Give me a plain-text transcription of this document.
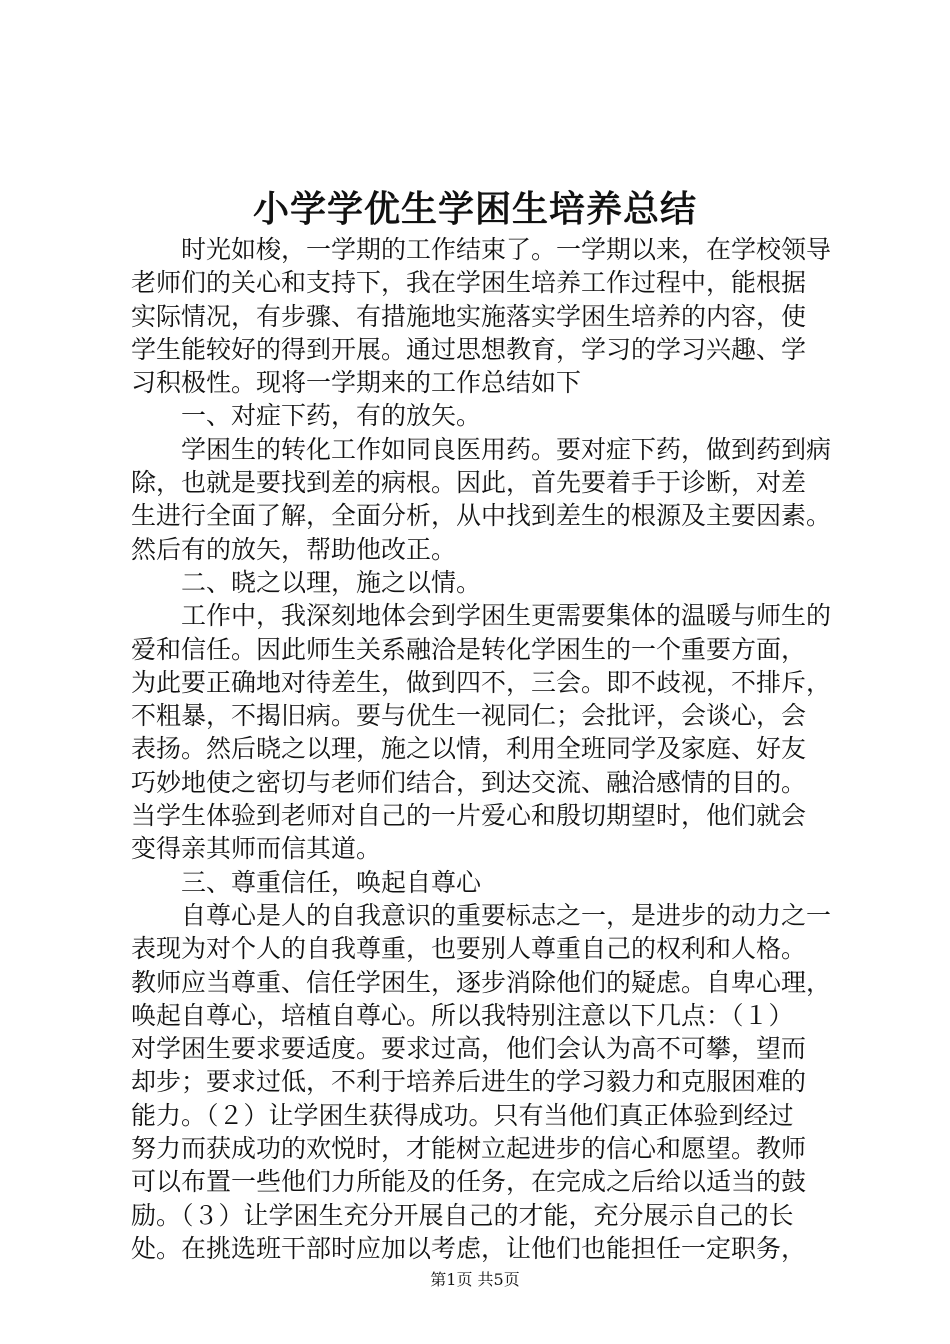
小学学优生学困生培养总结
时光如梭，一学期的工作结束了。一学期以来，在学校领导
老师们的关心和支持下，我在学困生培养工作过程中，能根据
实际情况，有步骤、有措施地实施落实学困生培养的内容，使
学生能较好的得到开展。通过思想教育，学习的学习兴趣、学
习积极性。现将一学期来的工作总结如下
一、对症下药，有的放矢。
学困生的转化工作如同良医用药。要对症下药，做到药到病
除，也就是要找到差的病根。因此，首先要着手于诊断，对差
生进行全面了解，全面分析，从中找到差生的根源及主要因素。
然后有的放矢，帮助他改正。
二、晓之以理，施之以情。
工作中，我深刻地体会到学困生更需要集体的温暖与师生的
爱和信任。因此师生关系融洽是转化学困生的一个重要方面，
为此要正确地对待差生，做到四不，三会。即不歧视，不排斥，
不粗暴，不揭旧病。要与优生一视同仁；会批评，会谈心，会
表扬。然后晓之以理，施之以情，利用全班同学及家庭、好友
巧妙地使之密切与老师们结合，到达交流、融洽感情的目的。
当学生体验到老师对自己的一片爱心和殷切期望时，他们就会
变得亲其师而信其道。
三、尊重信任，唤起自尊心
自尊心是人的自我意识的重要标志之一，是进步的动力之一
表现为对个人的自我尊重，也要别人尊重自己的权利和人格。
教师应当尊重、信任学困生，逐步消除他们的疑虑。自卑心理，
唤起自尊心，培植自尊心。所以我特别注意以下几点：（１）
对学困生要求要适度。要求过高，他们会认为高不可攀，望而
却步；要求过低，不利于培养后进生的学习毅力和克服困难的
能力。（２）让学困生获得成功。只有当他们真正体验到经过
努力而获成功的欢悦时，才能树立起进步的信心和愿望。教师
可以布置一些他们力所能及的任务，在完成之后给以适当的鼓
励。（３）让学困生充分开展自己的才能，充分展示自己的长
处。在挑选班干部时应加以考虑，让他们也能担任一定职务，
第1页 共5页
